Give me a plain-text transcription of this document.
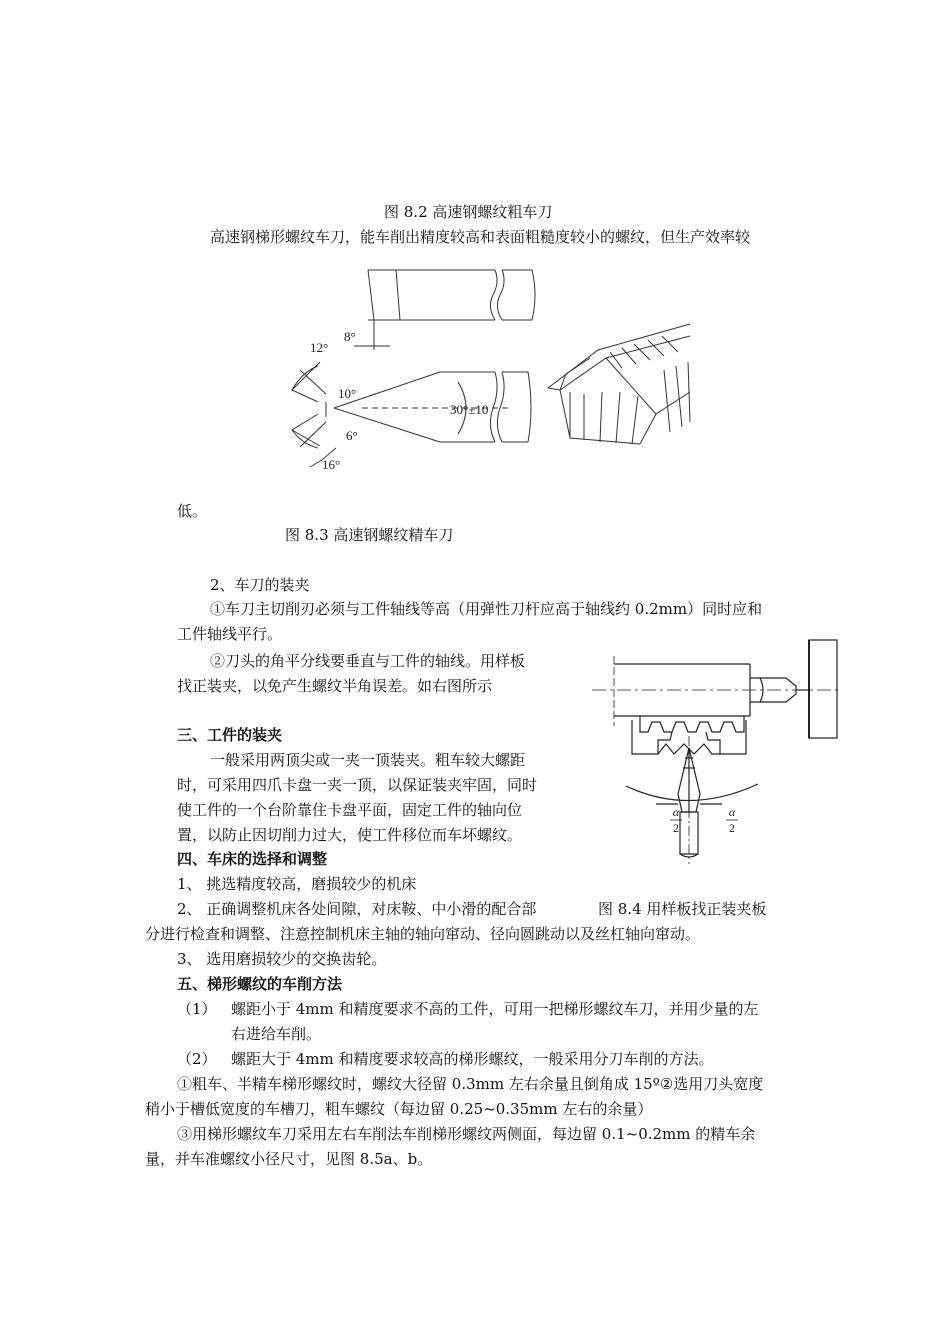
图 8.2 高速钢螺纹粗车刀
高速钢梯形螺纹车刀，能车削出精度较高和表面粗糙度较小的螺纹，但生产效率较
8°
12°
10°
30°±10
6°
16°
低。
图 8.3 高速钢螺纹精车刀
2、车刀的装夹
①车刀主切削刃必须与工件轴线等高（用弹性刀杆应高于轴线约 0.2mm）同时应和
工件轴线平行。
②刀头的角平分线要垂直与工件的轴线。用样板
找正装夹，以免产生螺纹半角误差。如右图所示
三、工件的装夹
一般采用两顶尖或一夹一顶装夹。粗车较大螺距
时，可采用四爪卡盘一夹一顶，以保证装夹牢固，同时
使工件的一个台阶靠住卡盘平面，固定工件的轴向位
置，以防止因切削力过大，使工件移位而车坏螺纹。
α
2
α
2
四、车床的选择和调整
1、 挑选精度较高，磨损较少的机床
2、 正确调整机床各处间隙，对床鞍、中小滑的配合部	图 8.4 用样板找正装夹板
分进行检查和调整、注意控制机床主轴的轴向窜动、径向圆跳动以及丝杠轴向窜动。
3、 选用磨损较少的交换齿轮。
五、梯形螺纹的车削方法
（1） 螺距小于 4mm 和精度要求不高的工件，可用一把梯形螺纹车刀，并用少量的左
右进给车削。
（2） 螺距大于 4mm 和精度要求较高的梯形螺纹，一般采用分刀车削的方法。
①粗车、半精车梯形螺纹时，螺纹大径留 0.3mm 左右余量且倒角成 15º②选用刀头宽度
稍小于槽低宽度的车槽刀，粗车螺纹（每边留 0.25~0.35mm 左右的余量）
③用梯形螺纹车刀采用左右车削法车削梯形螺纹两侧面，每边留 0.1~0.2mm 的精车余
量，并车准螺纹小径尺寸，见图 8.5a、b。
